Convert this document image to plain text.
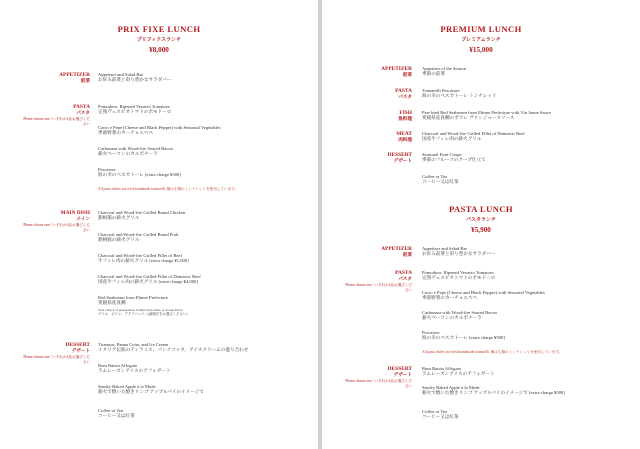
PRIX FIXE LUNCH
プリフィクスランチ
¥8,000
APPETIZER
前菜
Appetizer and Salad Bar
お好み前菜と彩り豊かなサラダバー
PASTA
パスタ
Please choose one / いずれか1品お選びください
Pomodoro: Ripened Vesuvio Tomatoes
完熟ヴェスビオトマトのポモドーロ
Cacio e Pepe (Cheese and Black Pepper) with Seasonal Vegetables
季節野菜のカーチョエペペ
Carbonara with Wood-fire Seared Bacon
薪火ベーコンのカルボナーラ
Pescatore
海の幸のペスカトーレ [extra charge ¥500]
All pasta dishes use fresh handmade tonnarelli. 麺は生麺のトンナレッリを使用しています。
MAIN DISH
メイン
Please choose one / いずれか1品お選びください
Charcoal and Wood-fire Grilled Brand Chicken
銘柄鶏の薪火グリル
Charcoal and Wood-fire Grilled Brand Pork
銘柄豚の薪火グリル
Charcoal and Wood-fire Grilled Fillet of Beef
牛フィレ肉の薪火グリル [extra charge ¥1,000]
Charcoal and Wood-fire Grilled Fillet of Domestic Beef
国産牛フィレ肉の薪火グリル [extra charge ¥4,000]
Red Seabream from Ehime Prefecture
愛媛県産真鯛
Your choice of preparation: Grilled, Pan-fried, or Acqua Pazza
グリル、ポワレ、アクアパッツァ(調理法をお選びください)
DESSERT
デザート
Please choose one / いずれか1品お選びください
Tiramisu, Panna Cotta, and Ice Cream
イタリア伝統のティラミス、パンナコッタ、アイスクリームの盛り合わせ
Rum Raisin Affogato
ラムレーズンアイスのアフォガート
Smoky Baked Apple à la Mode
薪火で焼いた焼きリンゴ アップルパイのイメージで
Coffee or Tea
コーヒー又は紅茶
PREMIUM LUNCH
プレミアムランチ
¥15,000
APPETIZER
前菜
Appetizer of the Season
季節の前菜
PASTA
パスタ
Tonnarelli Pescatore
海の幸のペスカトーレ トンナレッリ
FISH
魚料理
Pan-fried Red Seabream from Ehime Prefecture with Vin Jaune Sauce
愛媛県産真鯛のポワレ ヴァンジョーヌソース
MEAT
肉料理
Charcoal and Wood-fire Grilled Fillet of Domestic Beef
国産牛フィレ肉の薪火グリル
DESSERT
デザート
Seasonal Fruit Coupe
季節のフルーツのクープ仕立て
Coffee or Tea
コーヒー又は紅茶
PASTA LUNCH
パスタランチ
¥5,900
APPETIZER
前菜
Appetizer and Salad Bar
お好み前菜と彩り豊かなサラダバー
PASTA
パスタ
Please choose one / いずれか1品お選びください
Pomodoro: Ripened Vesuvio Tomatoes
完熟ヴェスビオトマトのポモドーロ
Cacio e Pepe (Cheese and Black Pepper) with Seasonal Vegetables
季節野菜のカーチョエペペ
Carbonara with Wood-fire Seared Bacon
薪火ベーコンのカルボナーラ
Pescatore
海の幸のペスカトーレ [extra charge ¥500]
All pasta dishes use fresh handmade tonnarelli. 麺は生麺のトンナレッリを使用しています。
DESSERT
デザート
Please choose one / いずれか1品お選びください
Rum Raisin Affogato
ラムレーズンアイスのアフォガート
Smoky Baked Apple à la Mode
薪火で焼いた焼きリンゴ アップルパイのイメージで [extra charge ¥500]
Coffee or Tea
コーヒー又は紅茶
